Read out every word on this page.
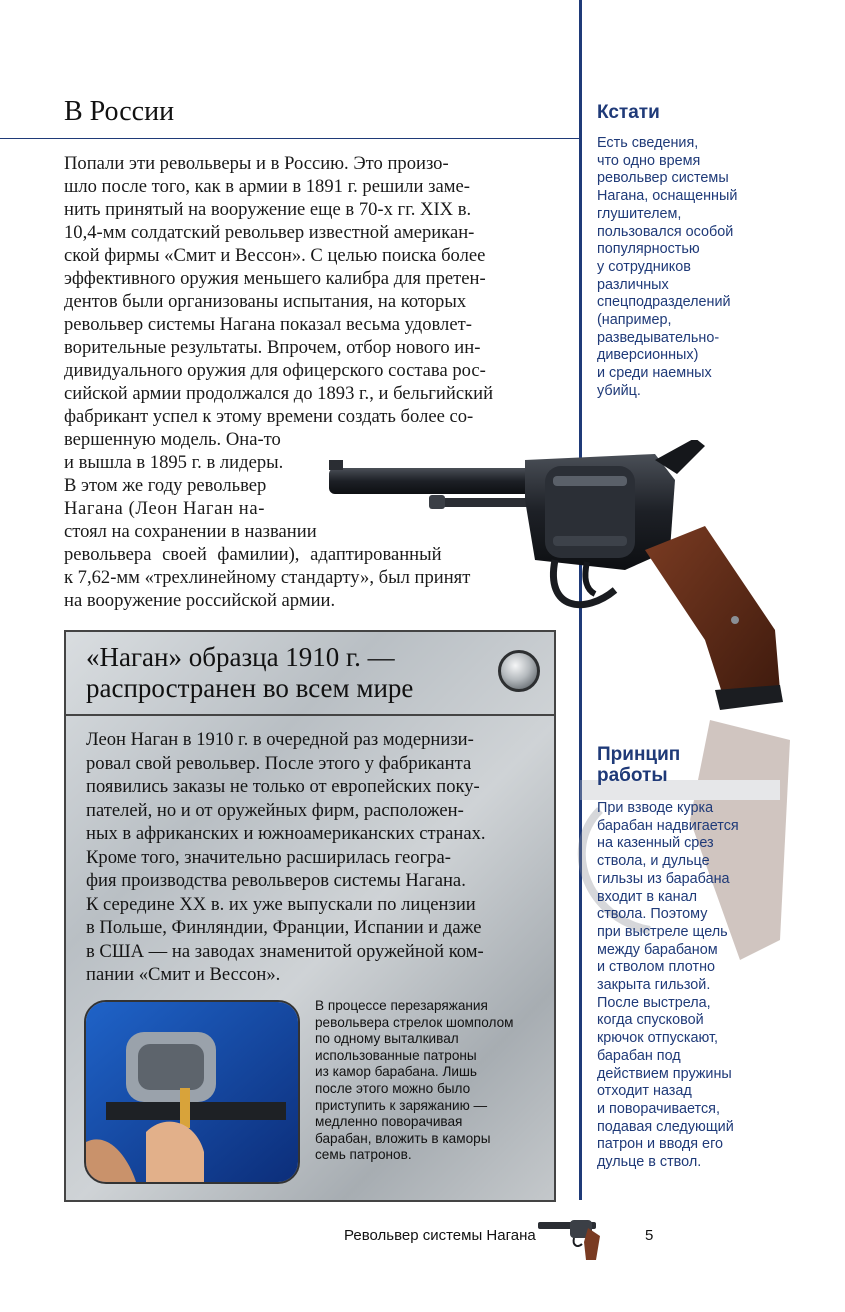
В России

Попали эти револьверы и в Россию. Это произо-

шло после того, как в армии в 1891 г. решили заме-

нить принятый на вооружение еще в 70-х гг. XIX в.

10,4-мм солдатский револьвер известной американ-

ской фирмы «Смит и Вессон». С целью поиска более

эффективного оружия меньшего калибра для претен-

дентов были организованы испытания, на которых

револьвер системы Нагана показал весьма удовлет-

ворительные результаты. Впрочем, отбор нового ин-

дивидуального оружия для офицерского состава рос-

сийской армии продолжался до 1893 г., и бельгийский

фабрикант успел к этому времени создать более со-

вершенную модель. Она-то
и вышла в 1895 г. в лидеры.
В этом же году револьвер
Нагана (Леон Наган на-
стоял на сохранении в названии
револьвера своей фамилии), адаптированный
к 7,62-мм «трехлинейному стандарту», был принят
на вооружение российской армии.
Кстати
Есть сведения,
что одно время
револьвер системы
Нагана, оснащенный
глушителем,
пользовался особой
популярностью
у сотрудников
различных
спецподразделений
(например,
разведывательно-
диверсионных)
и среди наемных
убийц.
Принцип
работы
При взводе курка
барабан надвигается
на казенный срез
ствола, и дульце
гильзы из барабана
входит в канал
ствола. Поэтому
при выстреле щель
между барабаном
и стволом плотно
закрыта гильзой.
После выстрела,
когда спусковой
крючок отпускают,
барабан под
действием пружины
отходит назад
и поворачивается,
подавая следующий
патрон и вводя его
дульце в ствол.
«Наган» образца 1910 г. —
распространен во всем мире
Леон Наган в 1910 г. в очередной раз модернизи-
ровал свой револьвер. После этого у фабриканта
появились заказы не только от европейских поку-
пателей, но и от оружейных фирм, расположен-
ных в африканских и южноамериканских странах.
Кроме того, значительно расширилась геогра-
фия производства револьверов системы Нагана.
К середине XX в. их уже выпускали по лицензии
в Польше, Финляндии, Франции, Испании и даже
в США — на заводах знаменитой оружейной ком-
пании «Смит и Вессон».
В процессе перезаряжания
револьвера стрелок шомполом
по одному выталкивал
использованные патроны
из камор барабана. Лишь
после этого можно было
приступить к заряжанию —
медленно поворачивая
барабан, вложить в каморы
семь патронов.
Револьвер системы Нагана	5
